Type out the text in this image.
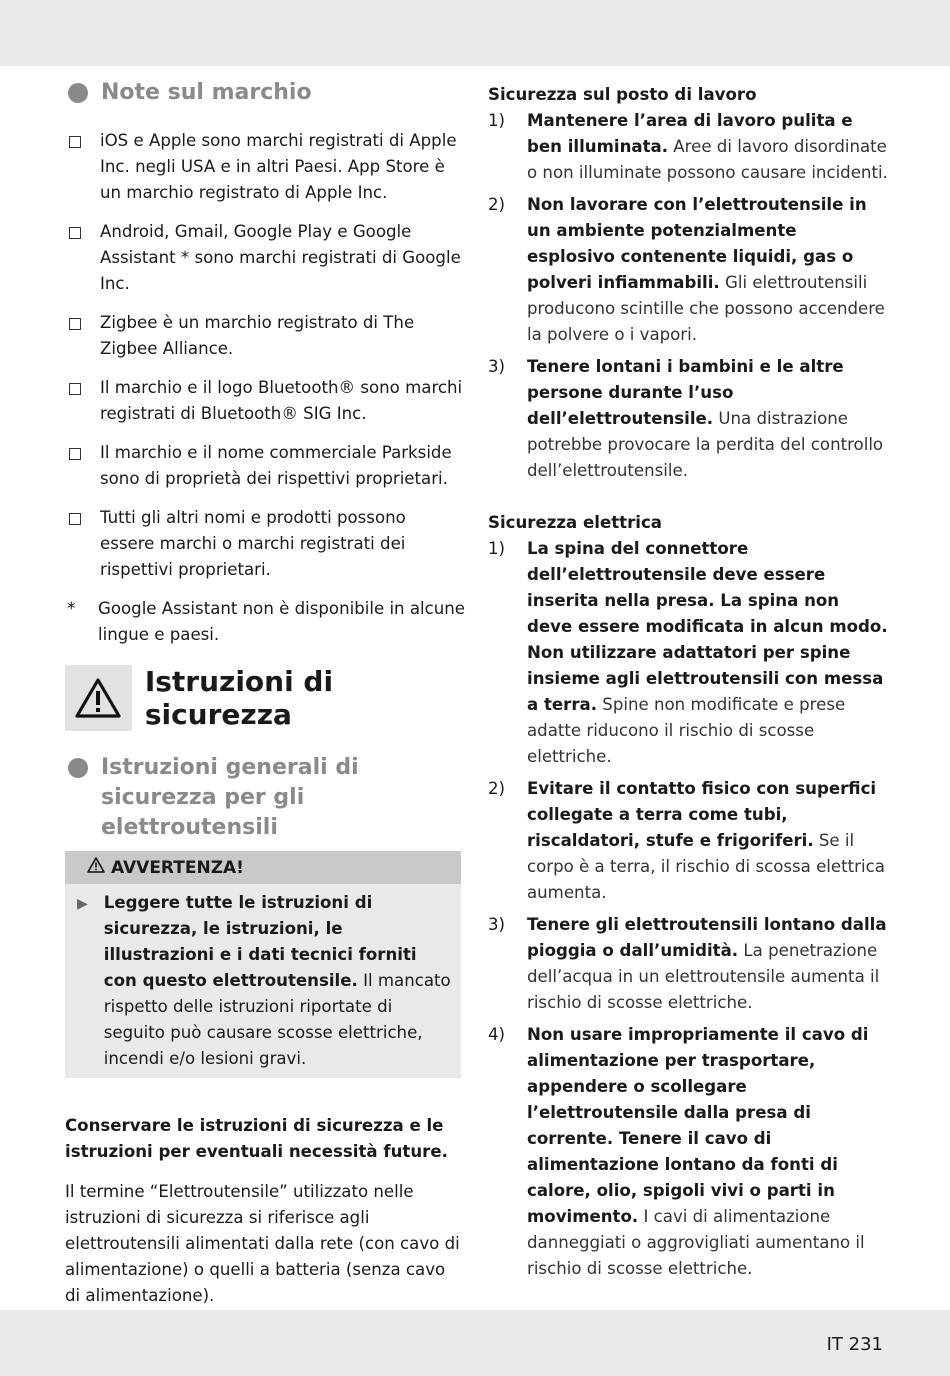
Note sul marchio
iOS e Apple sono marchi registrati di Apple Inc. negli USA e in altri Paesi. App Store è un marchio registrato di Apple Inc.
Android, Gmail, Google Play e Google Assistant * sono marchi registrati di Google Inc.
Zigbee è un marchio registrato di The Zigbee Alliance.
Il marchio e il logo Bluetooth® sono marchi registrati di Bluetooth® SIG Inc.
Il marchio e il nome commerciale Parkside sono di proprietà dei rispettivi proprietari.
Tutti gli altri nomi e prodotti possono essere marchi o marchi registrati dei rispettivi proprietari.
* Google Assistant non è disponibile in alcune lingue e paesi.
Istruzioni di sicurezza
Istruzioni generali di sicurezza per gli elettroutensili
AVVERTENZA!
▶ Leggere tutte le istruzioni di sicurezza, le istruzioni, le illustrazioni e i dati tecnici forniti con questo elettroutensile. Il mancato rispetto delle istruzioni riportate di seguito può causare scosse elettriche, incendi e/o lesioni gravi.
Conservare le istruzioni di sicurezza e le istruzioni per eventuali necessità future.
Il termine “Elettroutensile” utilizzato nelle istruzioni di sicurezza si riferisce agli elettroutensili alimentati dalla rete (con cavo di alimentazione) o quelli a batteria (senza cavo di alimentazione).
Sicurezza sul posto di lavoro
1)	Mantenere l’area di lavoro pulita e ben illuminata. Aree di lavoro disordinate o non illuminate possono causare incidenti.
2)	Non lavorare con l’elettroutensile in un ambiente potenzialmente esplosivo contenente liquidi, gas o polveri infiammabili. Gli elettroutensili producono scintille che possono accendere la polvere o i vapori.
3)	Tenere lontani i bambini e le altre persone durante l’uso dell’elettroutensile. Una distrazione potrebbe provocare la perdita del controllo dell’elettroutensile.
Sicurezza elettrica
1)	La spina del connettore dell’elettroutensile deve essere inserita nella presa. La spina non deve essere modificata in alcun modo. Non utilizzare adattatori per spine insieme agli elettroutensili con messa a terra. Spine non modificate e prese adatte riducono il rischio di scosse elettriche.
2)	Evitare il contatto fisico con superfici collegate a terra come tubi, riscaldatori, stufe e frigoriferi. Se il corpo è a terra, il rischio di scossa elettrica aumenta.
3)	Tenere gli elettroutensili lontano dalla pioggia o dall’umidità. La penetrazione dell’acqua in un elettroutensile aumenta il rischio di scosse elettriche.
4)	Non usare impropriamente il cavo di alimentazione per trasportare, appendere o scollegare l’elettroutensile dalla presa di corrente. Tenere il cavo di alimentazione lontano da fonti di calore, olio, spigoli vivi o parti in movimento. I cavi di alimentazione danneggiati o aggrovigliati aumentano il rischio di scosse elettriche.
IT 231
